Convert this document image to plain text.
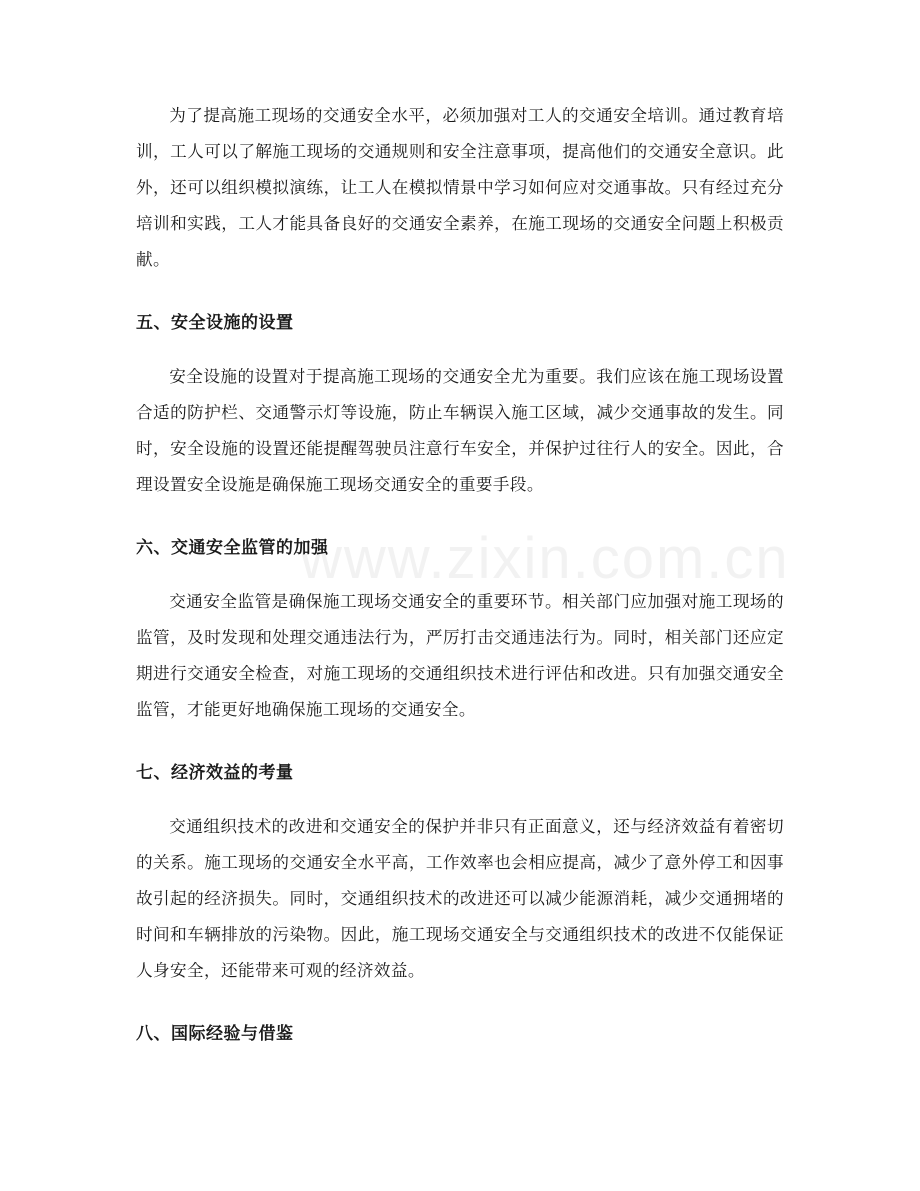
www.zixin.com.cn

为了提高施工现场的交通安全水平，必须加强对工人的交通安全培训。通过教育培训，工人可以了解施工现场的交通规则和安全注意事项，提高他们的交通安全意识。此外，还可以组织模拟演练，让工人在模拟情景中学习如何应对交通事故。只有经过充分培训和实践，工人才能具备良好的交通安全素养，在施工现场的交通安全问题上积极贡献。

五、安全设施的设置

安全设施的设置对于提高施工现场的交通安全尤为重要。我们应该在施工现场设置合适的防护栏、交通警示灯等设施，防止车辆误入施工区域，减少交通事故的发生。同时，安全设施的设置还能提醒驾驶员注意行车安全，并保护过往行人的安全。因此，合理设置安全设施是确保施工现场交通安全的重要手段。

六、交通安全监管的加强

交通安全监管是确保施工现场交通安全的重要环节。相关部门应加强对施工现场的监管，及时发现和处理交通违法行为，严厉打击交通违法行为。同时，相关部门还应定期进行交通安全检查，对施工现场的交通组织技术进行评估和改进。只有加强交通安全监管，才能更好地确保施工现场的交通安全。

七、经济效益的考量

交通组织技术的改进和交通安全的保护并非只有正面意义，还与经济效益有着密切的关系。施工现场的交通安全水平高，工作效率也会相应提高，减少了意外停工和因事故引起的经济损失。同时，交通组织技术的改进还可以减少能源消耗，减少交通拥堵的时间和车辆排放的污染物。因此，施工现场交通安全与交通组织技术的改进不仅能保证人身安全，还能带来可观的经济效益。

八、国际经验与借鉴
